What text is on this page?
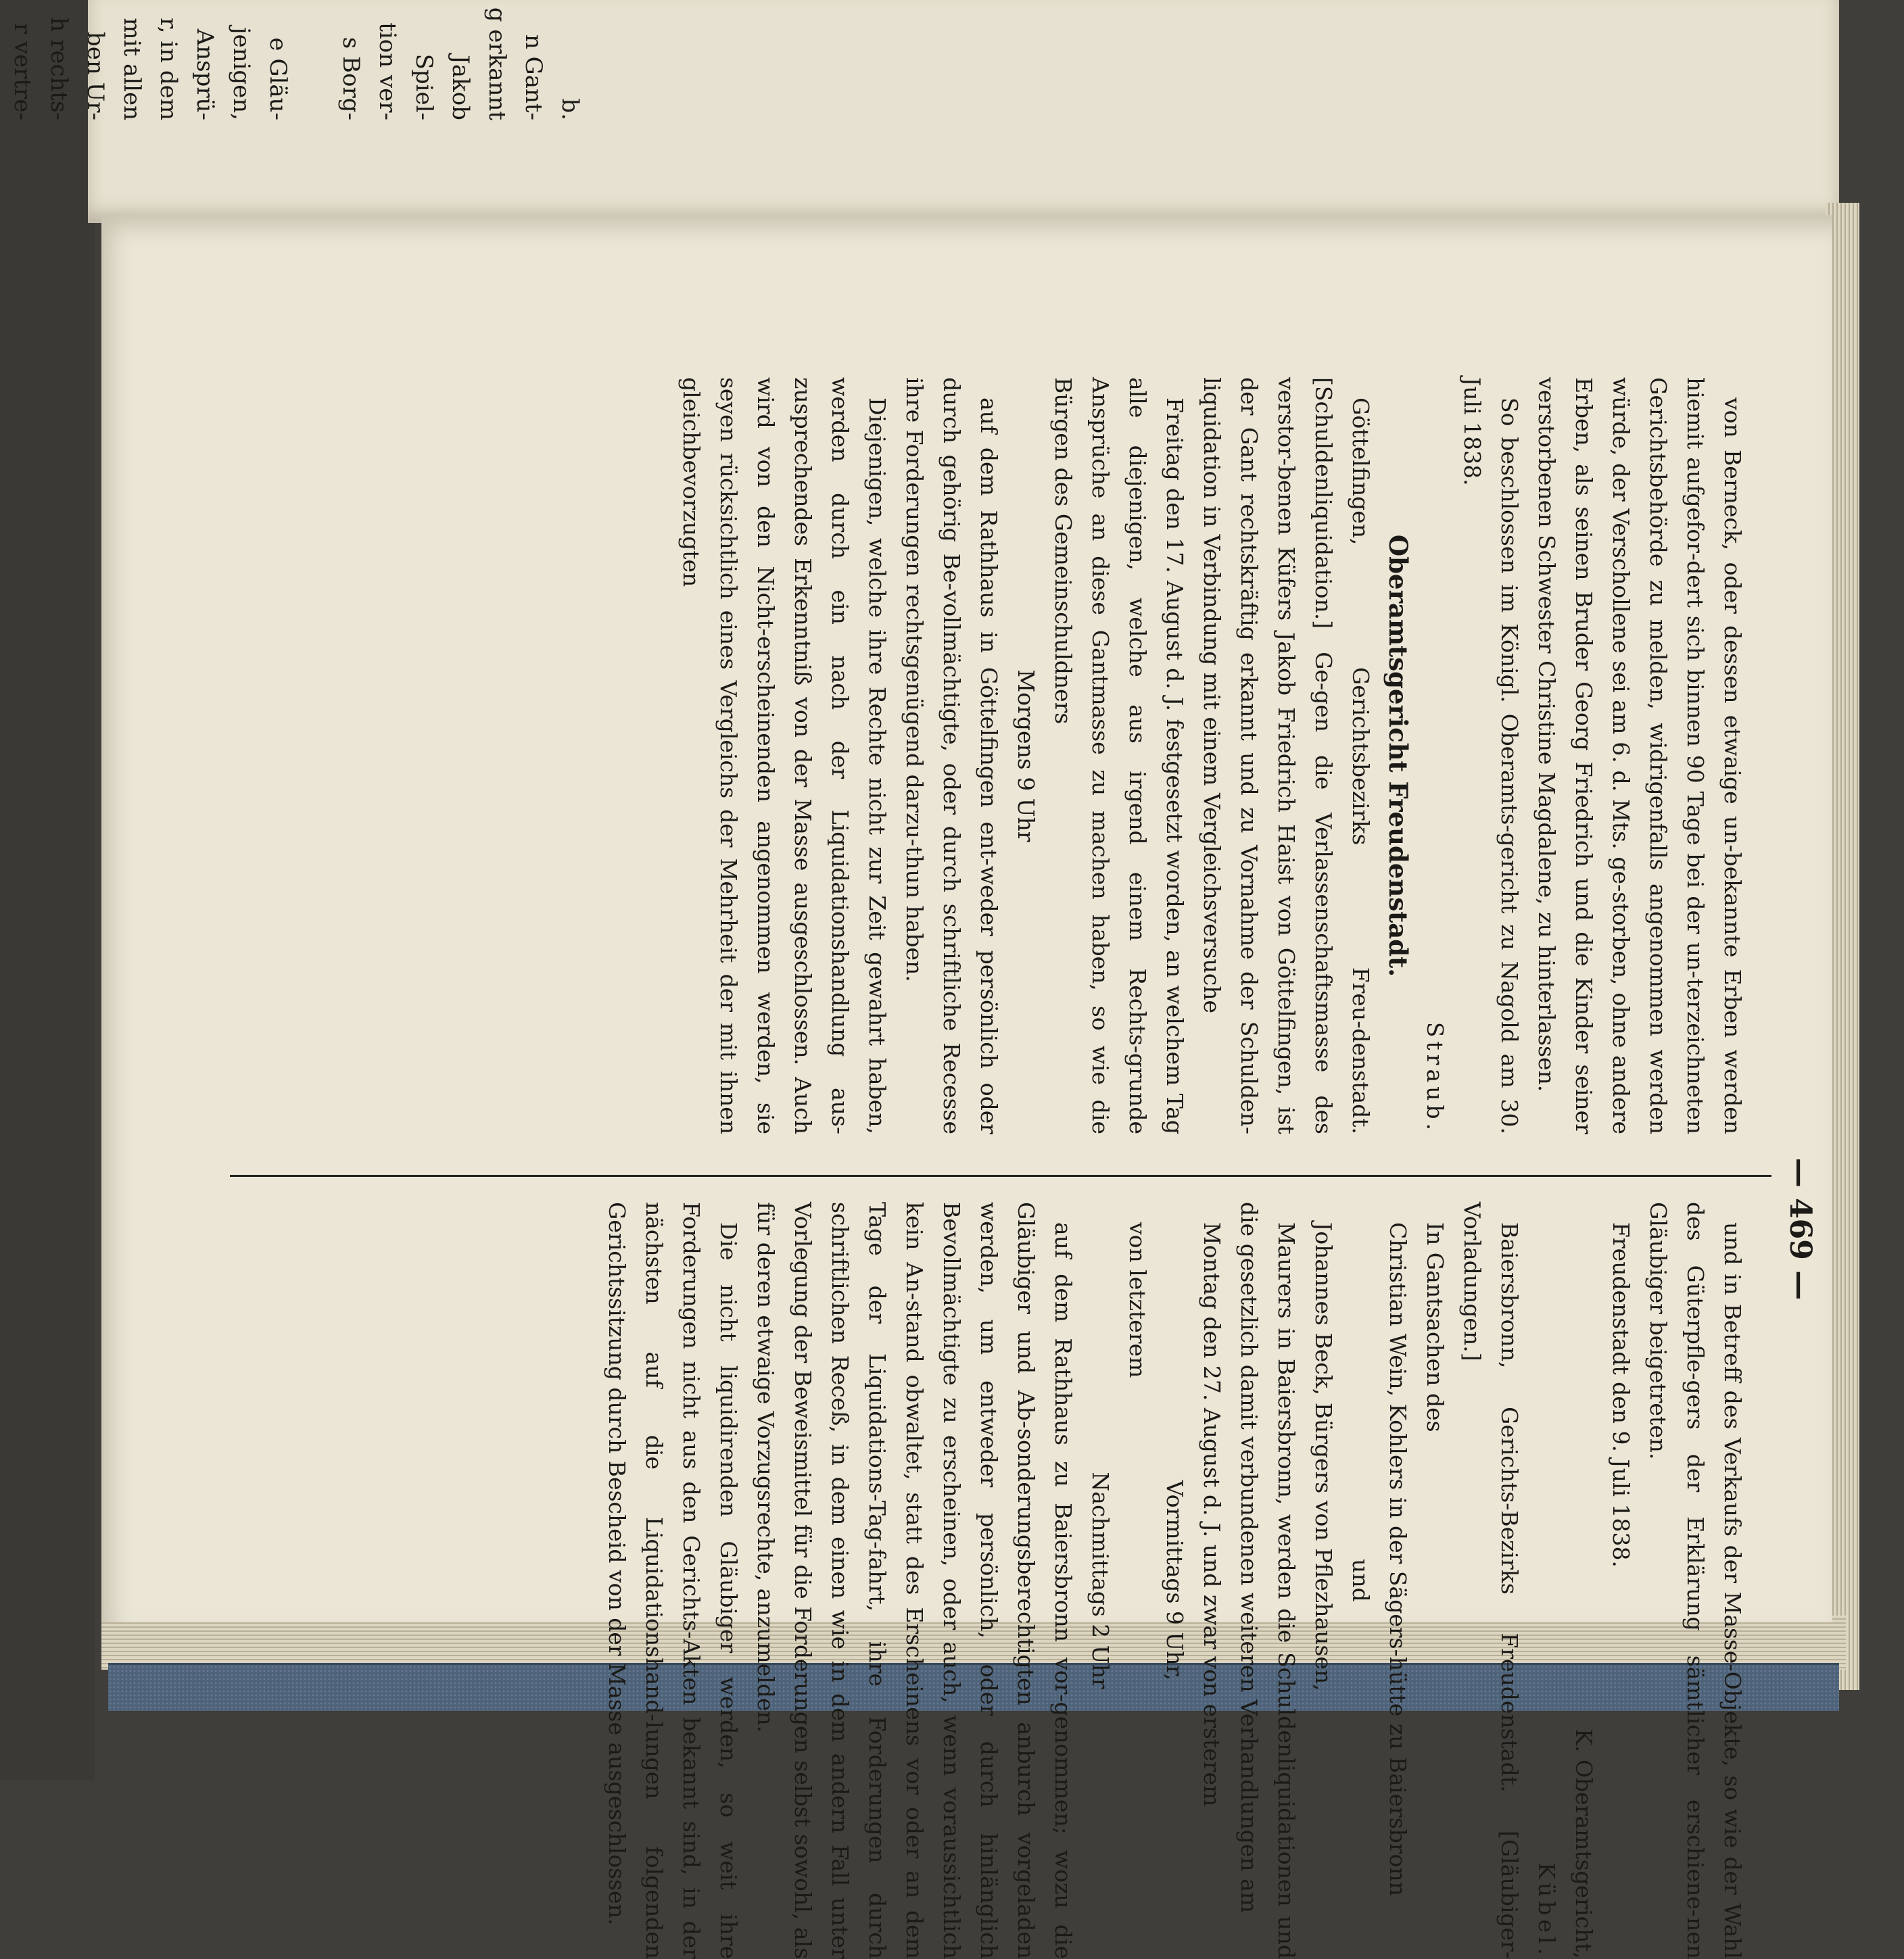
b.
n Gant-
g erkannt
Jakob
Spiel-
tion ver-
s Borg-

e Gläu-
jenigen,
Ansprü-
r, in dem
mit allen
ben Ur-
h rechts-
r vertre-

— 469 —

von Berneck, oder dessen etwaige un-bekannte Erben werden hiemit aufgefor-dert sich binnen 90 Tage bei der un-terzeichneten Gerichtsbehörde zu melden, widrigenfalls angenommen werden würde, der Verschollene sei am 6. d. Mts. ge-storben, ohne andere Erben, als seinen Bruder Georg Friedrich und die Kinder seiner verstorbenen Schwester Christine Magdalene, zu hinterlassen.

So beschlossen im Königl. Oberamts-gericht zu Nagold am 30. Juli 1838.

Straub.

Oberamtsgericht Freudenstadt.

Göttelfingen, Gerichtsbezirks Freu-denstadt. [Schuldenliquidation.] Ge-gen die Verlassenschaftsmasse des verstor-benen Küfers Jakob Friedrich Haist von Göttelfingen, ist der Gant rechtskräftig erkannt und zu Vornahme der Schulden-liquidation in Verbindung mit einem Vergleichsversuche

Freitag den 17. August d. J. festgesetzt worden, an welchem Tag alle diejenigen, welche aus irgend einem Rechts-grunde Ansprüche an diese Gantmasse zu machen haben, so wie die Bürgen des Gemeinschuldners

Morgens 9 Uhr

auf dem Rathhaus in Göttelfingen ent-weder persönlich oder durch gehörig Be-vollmächtigte, oder durch schriftliche Recesse ihre Forderungen rechtsgenügend darzu-thun haben.

Diejenigen, welche ihre Rechte nicht zur Zeit gewahrt haben, werden durch ein nach der Liquidationshandlung aus-zusprechendes Erkenntniß von der Masse ausgeschlossen. Auch wird von den Nicht-erscheinenden angenommen werden, sie seyen rücksichtlich eines Vergleichs der Mehrheit der mit ihnen gleichbevorzugten

und in Betreff des Verkaufs der Masse-Objekte, so wie der Wahl des Güterpfle-gers der Erklärung sämtlicher erschiene-nen Gläubiger beigetreten.

Freudenstadt den 9. Juli 1838.

K. Oberamtsgericht,

Kübel.

Baiersbronn, Gerichts-Bezirks Freudenstadt. [Gläubiger-Vorladungen.]

In Gantsachen des

Christian Wein, Kohlers in der Sägers-hütte zu Baiersbronn

und

Johannes Beck, Bürgers von Pflezhausen,

Maurers in Baiersbronn, werden die Schuldenliquidationen und die gesetzlich damit verbundenen weiteren Verhandlungen am

Montag den 27. August d. J. und zwar von ersterem

Vormittags 9 Uhr,

von letzterem

Nachmittags 2 Uhr

auf dem Rathhaus zu Baiersbronn vor-genommen; wozu die Gläubiger und Ab-sonderungsberechtigten anburch vorgeladen werden, um entweder persönlich, oder durch hinlänglich Bevollmächtigte zu erscheinen, oder auch, wenn voraussichtlich kein An-stand obwaltet, statt des Erscheinens vor oder an dem Tage der Liquidations-Tag-fahrt, ihre Forderungen durch schriftlichen Receß, in dem einen wie in dem andern Fall unter Vorlegung der Beweismittel für die Forderungen selbst sowohl, als für deren etwaige Vorzugsrechte, anzumelden.

Die nicht liquidirenden Gläubiger werden, so weit ihre Forderungen nicht aus den Gerichts-Akten bekannt sind, in der nächsten auf die Liquidationshand-lungen folgenden Gerichtssitzung durch Bescheid von der Masse ausgeschlossen.
